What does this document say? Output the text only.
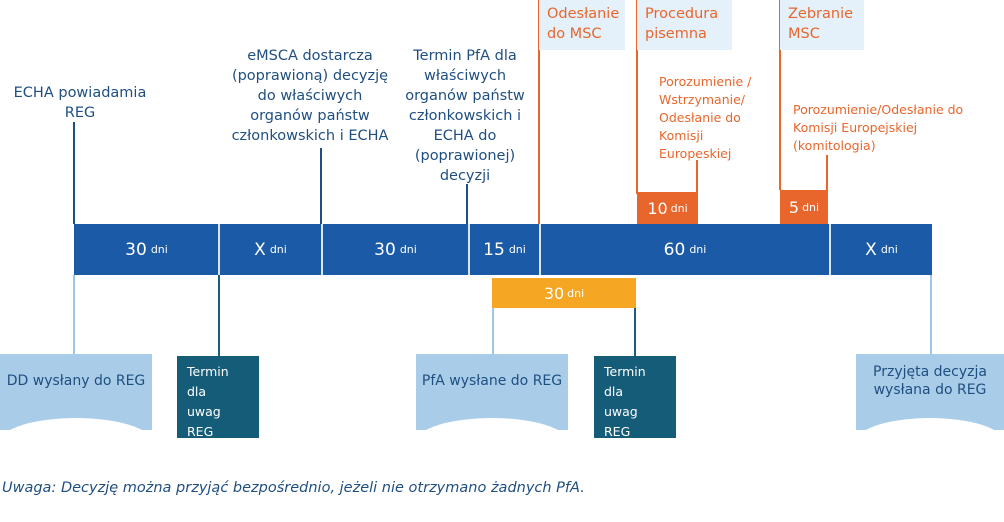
ECHA powiadamia
REG
eMSCA dostarcza
(poprawioną) decyzję
do właściwych
organów państw
członkowskich i ECHA
Termin PfA dla
właściwych
organów państw
członkowskich i
ECHA do
(poprawionej)
decyzji
Odesłanie
do MSC
Procedura
pisemna
Zebranie
MSC
Porozumienie /
Wstrzymanie/
Odesłanie do
Komisji
Europeskiej
Porozumienie/Odesłanie do
Komisji Europejskiej
(komitologia)
10 dni	5 dni
30 dni	X dni	30 dni	15 dni	60 dni	X dni
30 dni
DD wysłany do REG
Termin dla
uwag REG
do DD
PfA wysłane do REG
Termin dla
uwag REG
do PfA
Przyjęta decyzja
wysłana do REG
Uwaga: Decyzję można przyjąć bezpośrednio, jeżeli nie otrzymano żadnych PfA.
